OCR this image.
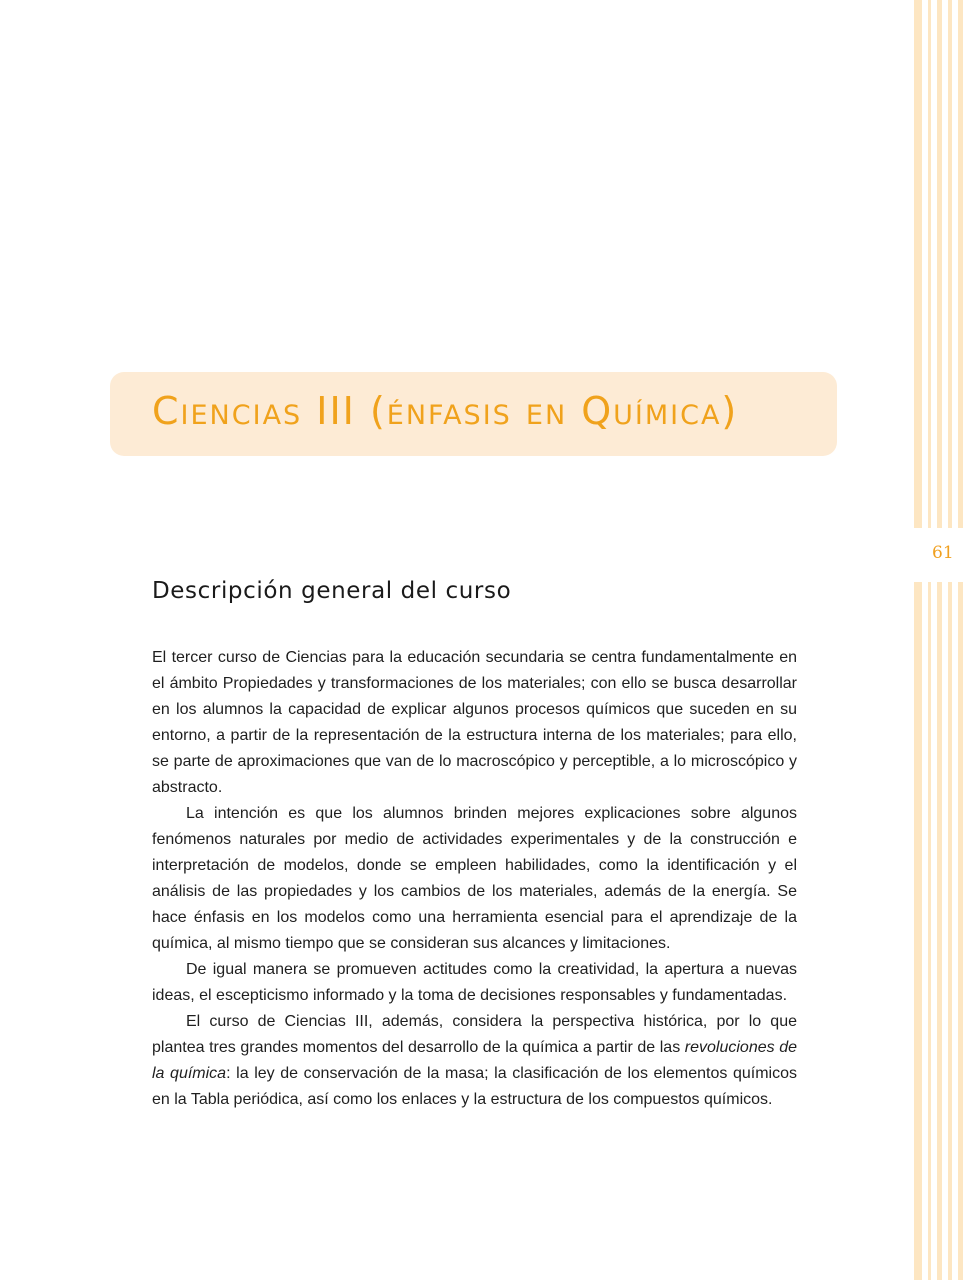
61
Ciencias III (énfasis en Química)
Descripción general del curso

El tercer curso de Ciencias para la educación secundaria se centra fundamentalmente en el ámbito Propiedades y transformaciones de los materiales; con ello se busca desarrollar en los alumnos la capacidad de explicar algunos procesos químicos que suceden en su entorno, a partir de la representación de la estructura interna de los materiales; para ello, se parte de aproximaciones que van de lo macroscópico y perceptible, a lo microscópico y abstracto.

La intención es que los alumnos brinden mejores explicaciones sobre algunos fenómenos naturales por medio de actividades experimentales y de la construcción e interpretación de modelos, donde se empleen habilidades, como la identificación y el análisis de las propiedades y los cambios de los materiales, además de la energía. Se hace énfasis en los modelos como una herramienta esencial para el aprendizaje de la química, al mismo tiempo que se consideran sus alcances y limitaciones.

De igual manera se promueven actitudes como la creatividad, la apertura a nuevas ideas, el escepticismo informado y la toma de decisiones responsables y fundamentadas.

El curso de Ciencias III, además, considera la perspectiva histórica, por lo que plantea tres grandes momentos del desarrollo de la química a partir de las revoluciones de la química: la ley de conservación de la masa; la clasificación de los elementos químicos en la Tabla periódica, así como los enlaces y la estructura de los compuestos químicos.
